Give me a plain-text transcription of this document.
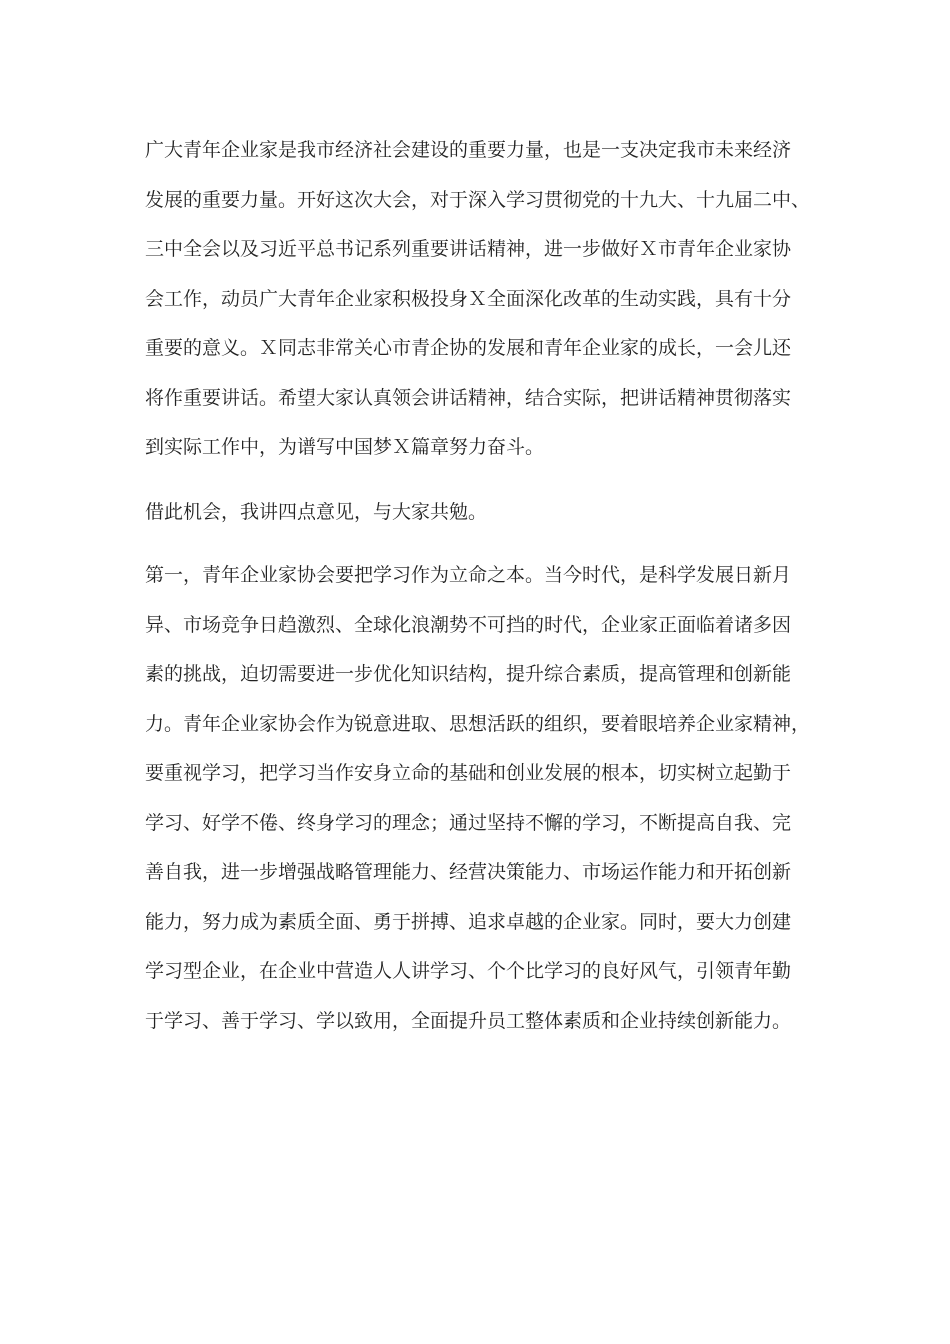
广大青年企业家是我市经济社会建设的重要力量，也是一支决定我市未来经济
发展的重要力量。开好这次大会，对于深入学习贯彻党的十九大、十九届二中、
三中全会以及习近平总书记系列重要讲话精神，进一步做好Ｘ市青年企业家协
会工作，动员广大青年企业家积极投身Ｘ全面深化改革的生动实践，具有十分
重要的意义。Ｘ同志非常关心市青企协的发展和青年企业家的成长，一会儿还
将作重要讲话。希望大家认真领会讲话精神，结合实际，把讲话精神贯彻落实
到实际工作中，为谱写中国梦Ｘ篇章努力奋斗。
借此机会，我讲四点意见，与大家共勉。
第一，青年企业家协会要把学习作为立命之本。当今时代，是科学发展日新月
异、市场竞争日趋激烈、全球化浪潮势不可挡的时代，企业家正面临着诸多因
素的挑战，迫切需要进一步优化知识结构，提升综合素质，提高管理和创新能
力。青年企业家协会作为锐意进取、思想活跃的组织，要着眼培养企业家精神，
要重视学习，把学习当作安身立命的基础和创业发展的根本，切实树立起勤于
学习、好学不倦、终身学习的理念；通过坚持不懈的学习，不断提高自我、完
善自我，进一步增强战略管理能力、经营决策能力、市场运作能力和开拓创新
能力，努力成为素质全面、勇于拼搏、追求卓越的企业家。同时，要大力创建
学习型企业，在企业中营造人人讲学习、个个比学习的良好风气，引领青年勤
于学习、善于学习、学以致用，全面提升员工整体素质和企业持续创新能力。
